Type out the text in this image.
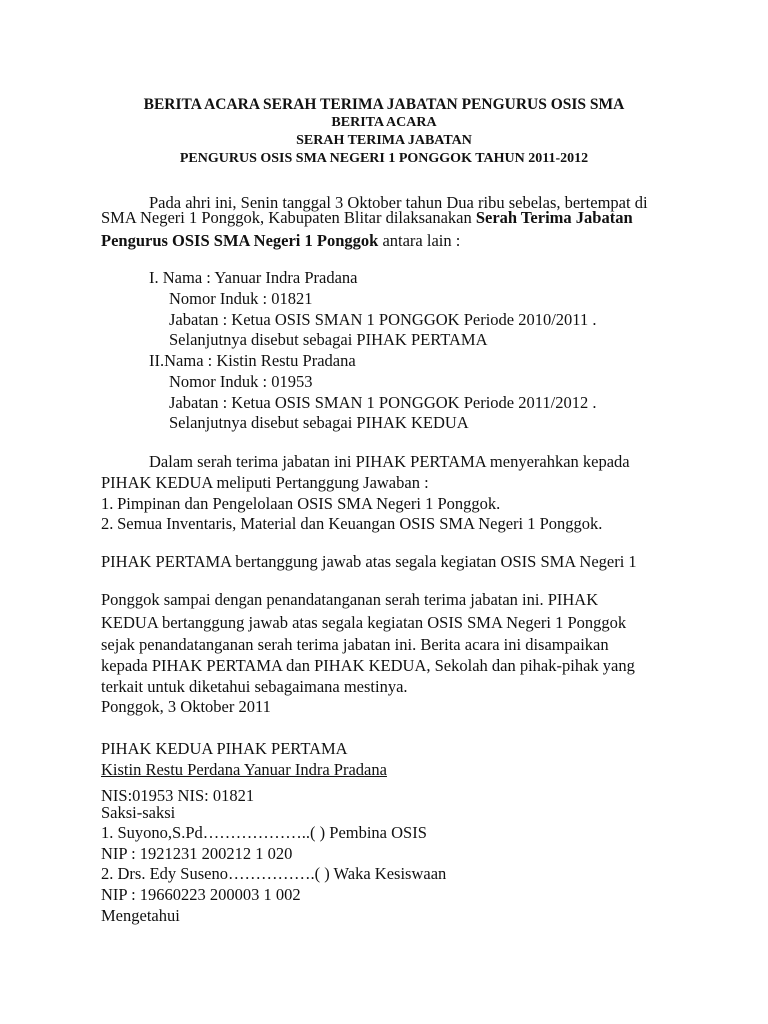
BERITA ACARA SERAH TERIMA JABATAN PENGURUS OSIS SMA
BERITA ACARA
SERAH TERIMA JABATAN
PENGURUS OSIS SMA NEGERI 1 PONGGOK TAHUN 2011-2012
Pada ahri ini, Senin tanggal 3 Oktober tahun Dua ribu sebelas, bertempat di
SMA Negeri 1 Ponggok, Kabupaten Blitar dilaksanakan Serah Terima Jabatan
Pengurus OSIS SMA Negeri 1 Ponggok antara lain :
I. Nama : Yanuar Indra Pradana
Nomor Induk : 01821
Jabatan : Ketua OSIS SMAN 1 PONGGOK Periode 2010/2011 .
Selanjutnya disebut sebagai PIHAK PERTAMA
II.Nama : Kistin Restu Pradana
Nomor Induk : 01953
Jabatan : Ketua OSIS SMAN 1 PONGGOK Periode 2011/2012 .
Selanjutnya disebut sebagai PIHAK KEDUA
Dalam serah terima jabatan ini PIHAK PERTAMA menyerahkan kepada
PIHAK KEDUA meliputi Pertanggung Jawaban :
1. Pimpinan dan Pengelolaan OSIS SMA Negeri 1 Ponggok.
2. Semua Inventaris, Material dan Keuangan OSIS SMA Negeri 1 Ponggok.
PIHAK PERTAMA bertanggung jawab atas segala kegiatan OSIS SMA Negeri 1
Ponggok sampai dengan penandatanganan serah terima jabatan ini. PIHAK
KEDUA bertanggung jawab atas segala kegiatan OSIS SMA Negeri 1 Ponggok
sejak penandatanganan serah terima jabatan ini. Berita acara ini disampaikan
kepada PIHAK PERTAMA dan PIHAK KEDUA, Sekolah dan pihak-pihak yang
terkait untuk diketahui sebagaimana mestinya.
Ponggok, 3 Oktober 2011
PIHAK KEDUA PIHAK PERTAMA
Kistin Restu Perdana Yanuar Indra Pradana
NIS:01953 NIS: 01821
Saksi-saksi
1. Suyono,S.Pd………………..( ) Pembina OSIS
NIP : 1921231 200212 1 020
2. Drs. Edy Suseno…………….( ) Waka Kesiswaan
NIP : 19660223 200003 1 002
Mengetahui
